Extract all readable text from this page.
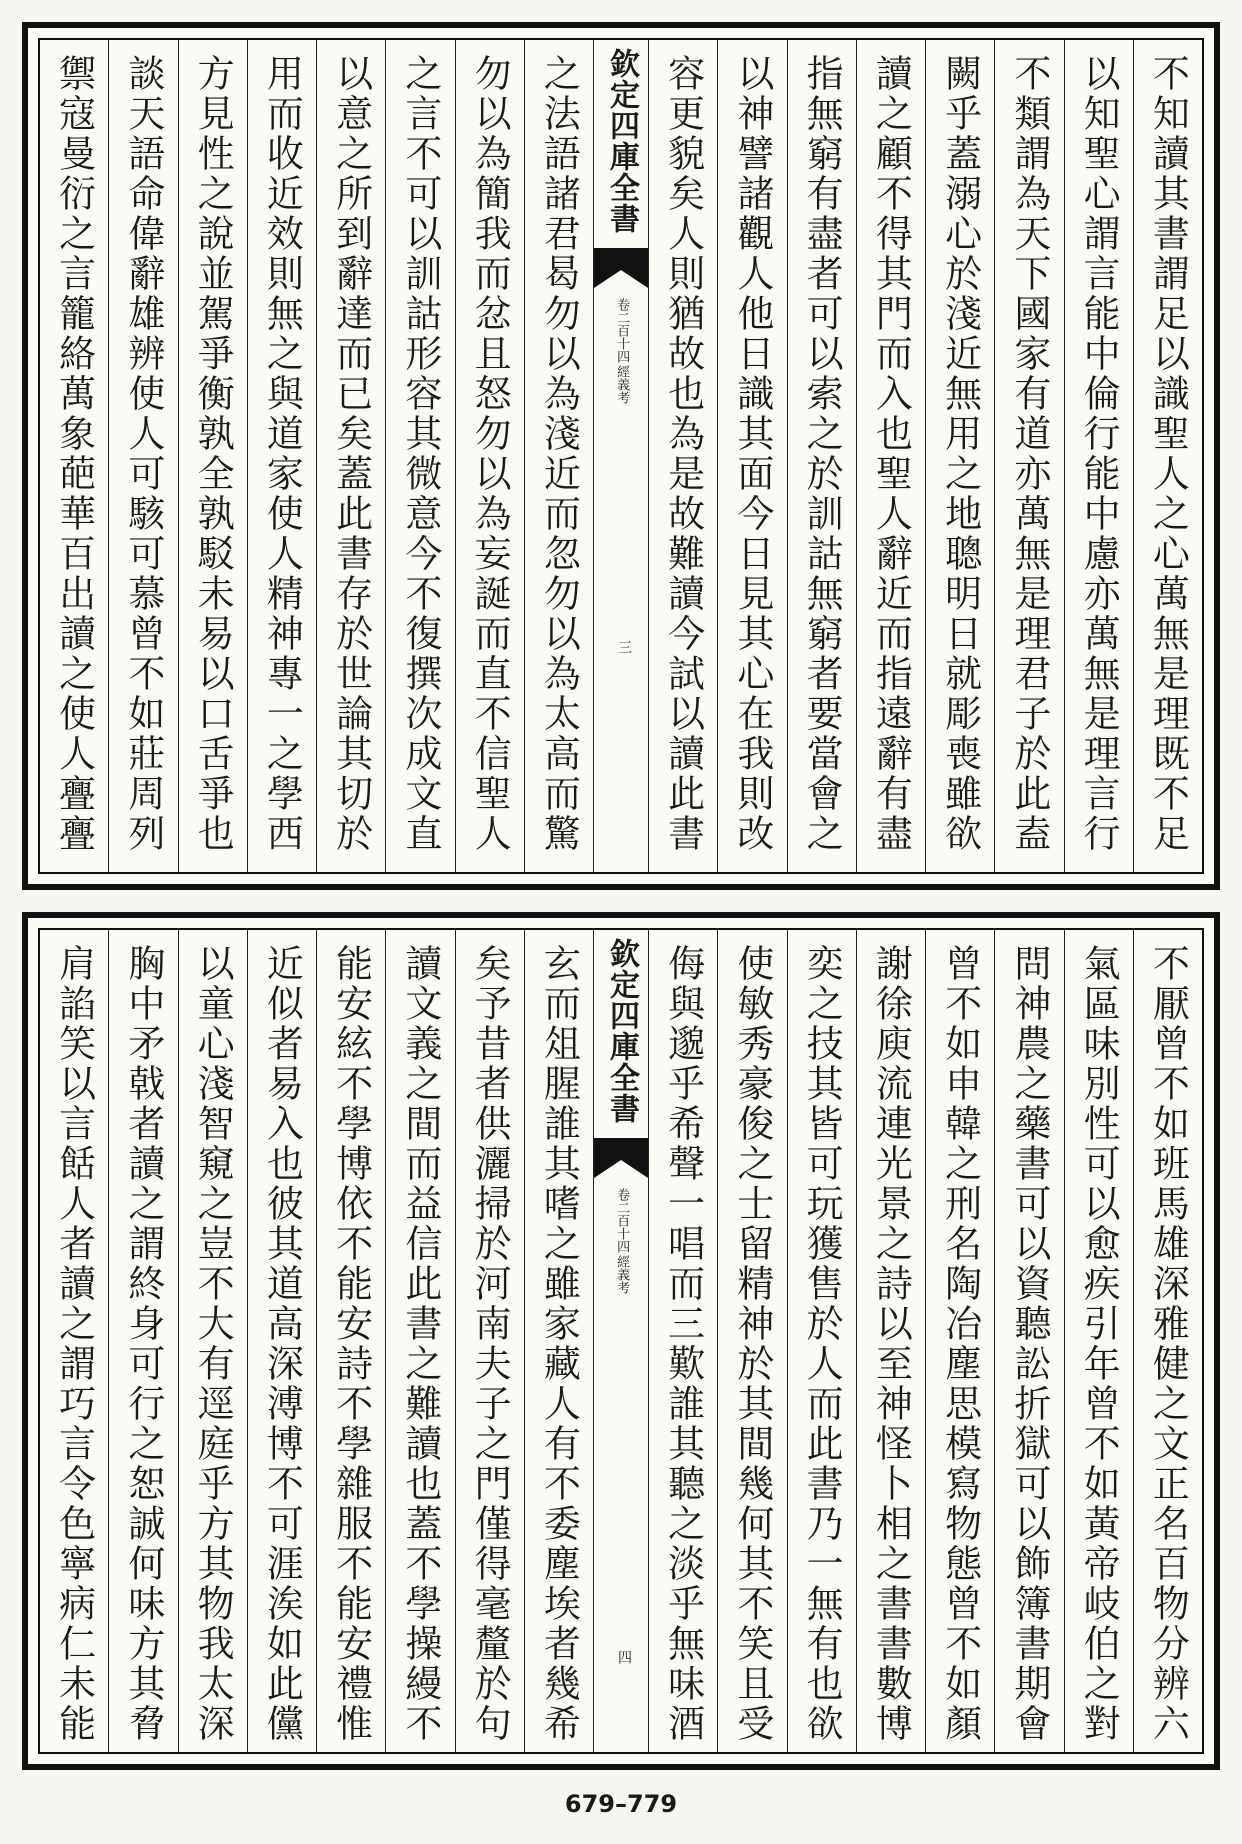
不知讀其書謂足以識聖人之心萬無是理既不足
以知聖心謂言能中倫行能中慮亦萬無是理言行
不類謂為天下國家有道亦萬無是理君子於此盍
闕乎蓋溺心於淺近無用之地聰明日就彫喪雖欲
讀之顧不得其門而入也聖人辭近而指遠辭有盡
指無窮有盡者可以索之於訓詁無窮者要當會之
以神譬諸觀人他日識其面今日見其心在我則改
容更貌矣人則猶故也為是故難讀今試以讀此書
欽定四庫全書
經義考
卷二百十四
三
之法語諸君曷勿以為淺近而忽勿以為太高而驚
勿以為簡我而忿且怒勿以為妄誕而直不信聖人
之言不可以訓詁形容其微意今不復撰次成文直
以意之所到辭達而已矣蓋此書存於世論其切於
用而收近效則無之與道家使人精神專一之學西
方見性之說並駕爭衡孰全孰駁未易以口舌爭也
談天語命偉辭雄辨使人可駭可慕曾不如莊周列
禦寇曼衍之言籠絡萬象葩華百出讀之使人亹亹
不厭曾不如班馬雄深雅健之文正名百物分辨六
氣區味別性可以愈疾引年曾不如黃帝岐伯之對
問神農之藥書可以資聽訟折獄可以飾簿書期會
曾不如申韓之刑名陶冶塵思模寫物態曾不如顏
謝徐庾流連光景之詩以至神怪卜相之書書數博
奕之技其皆可玩獲售於人而此書乃一無有也欲
使敏秀豪俊之士留精神於其間幾何其不笑且受
侮與邈乎希聲一唱而三歎誰其聽之淡乎無味酒
欽定四庫全書
經義考
卷二百十四
四
玄而俎腥誰其嗜之雖家藏人有不委塵埃者幾希
矣予昔者供灑掃於河南夫子之門僅得毫釐於句
讀文義之間而益信此書之難讀也蓋不學操縵不
能安絃不學博依不能安詩不學雜服不能安禮惟
近似者易入也彼其道高深溥博不可涯涘如此儻
以童心淺智窺之豈不大有逕庭乎方其物我太深
胸中矛戟者讀之謂終身可行之恕誠何味方其脅
肩諂笑以言餂人者讀之謂巧言令色寧病仁未能
679–779
